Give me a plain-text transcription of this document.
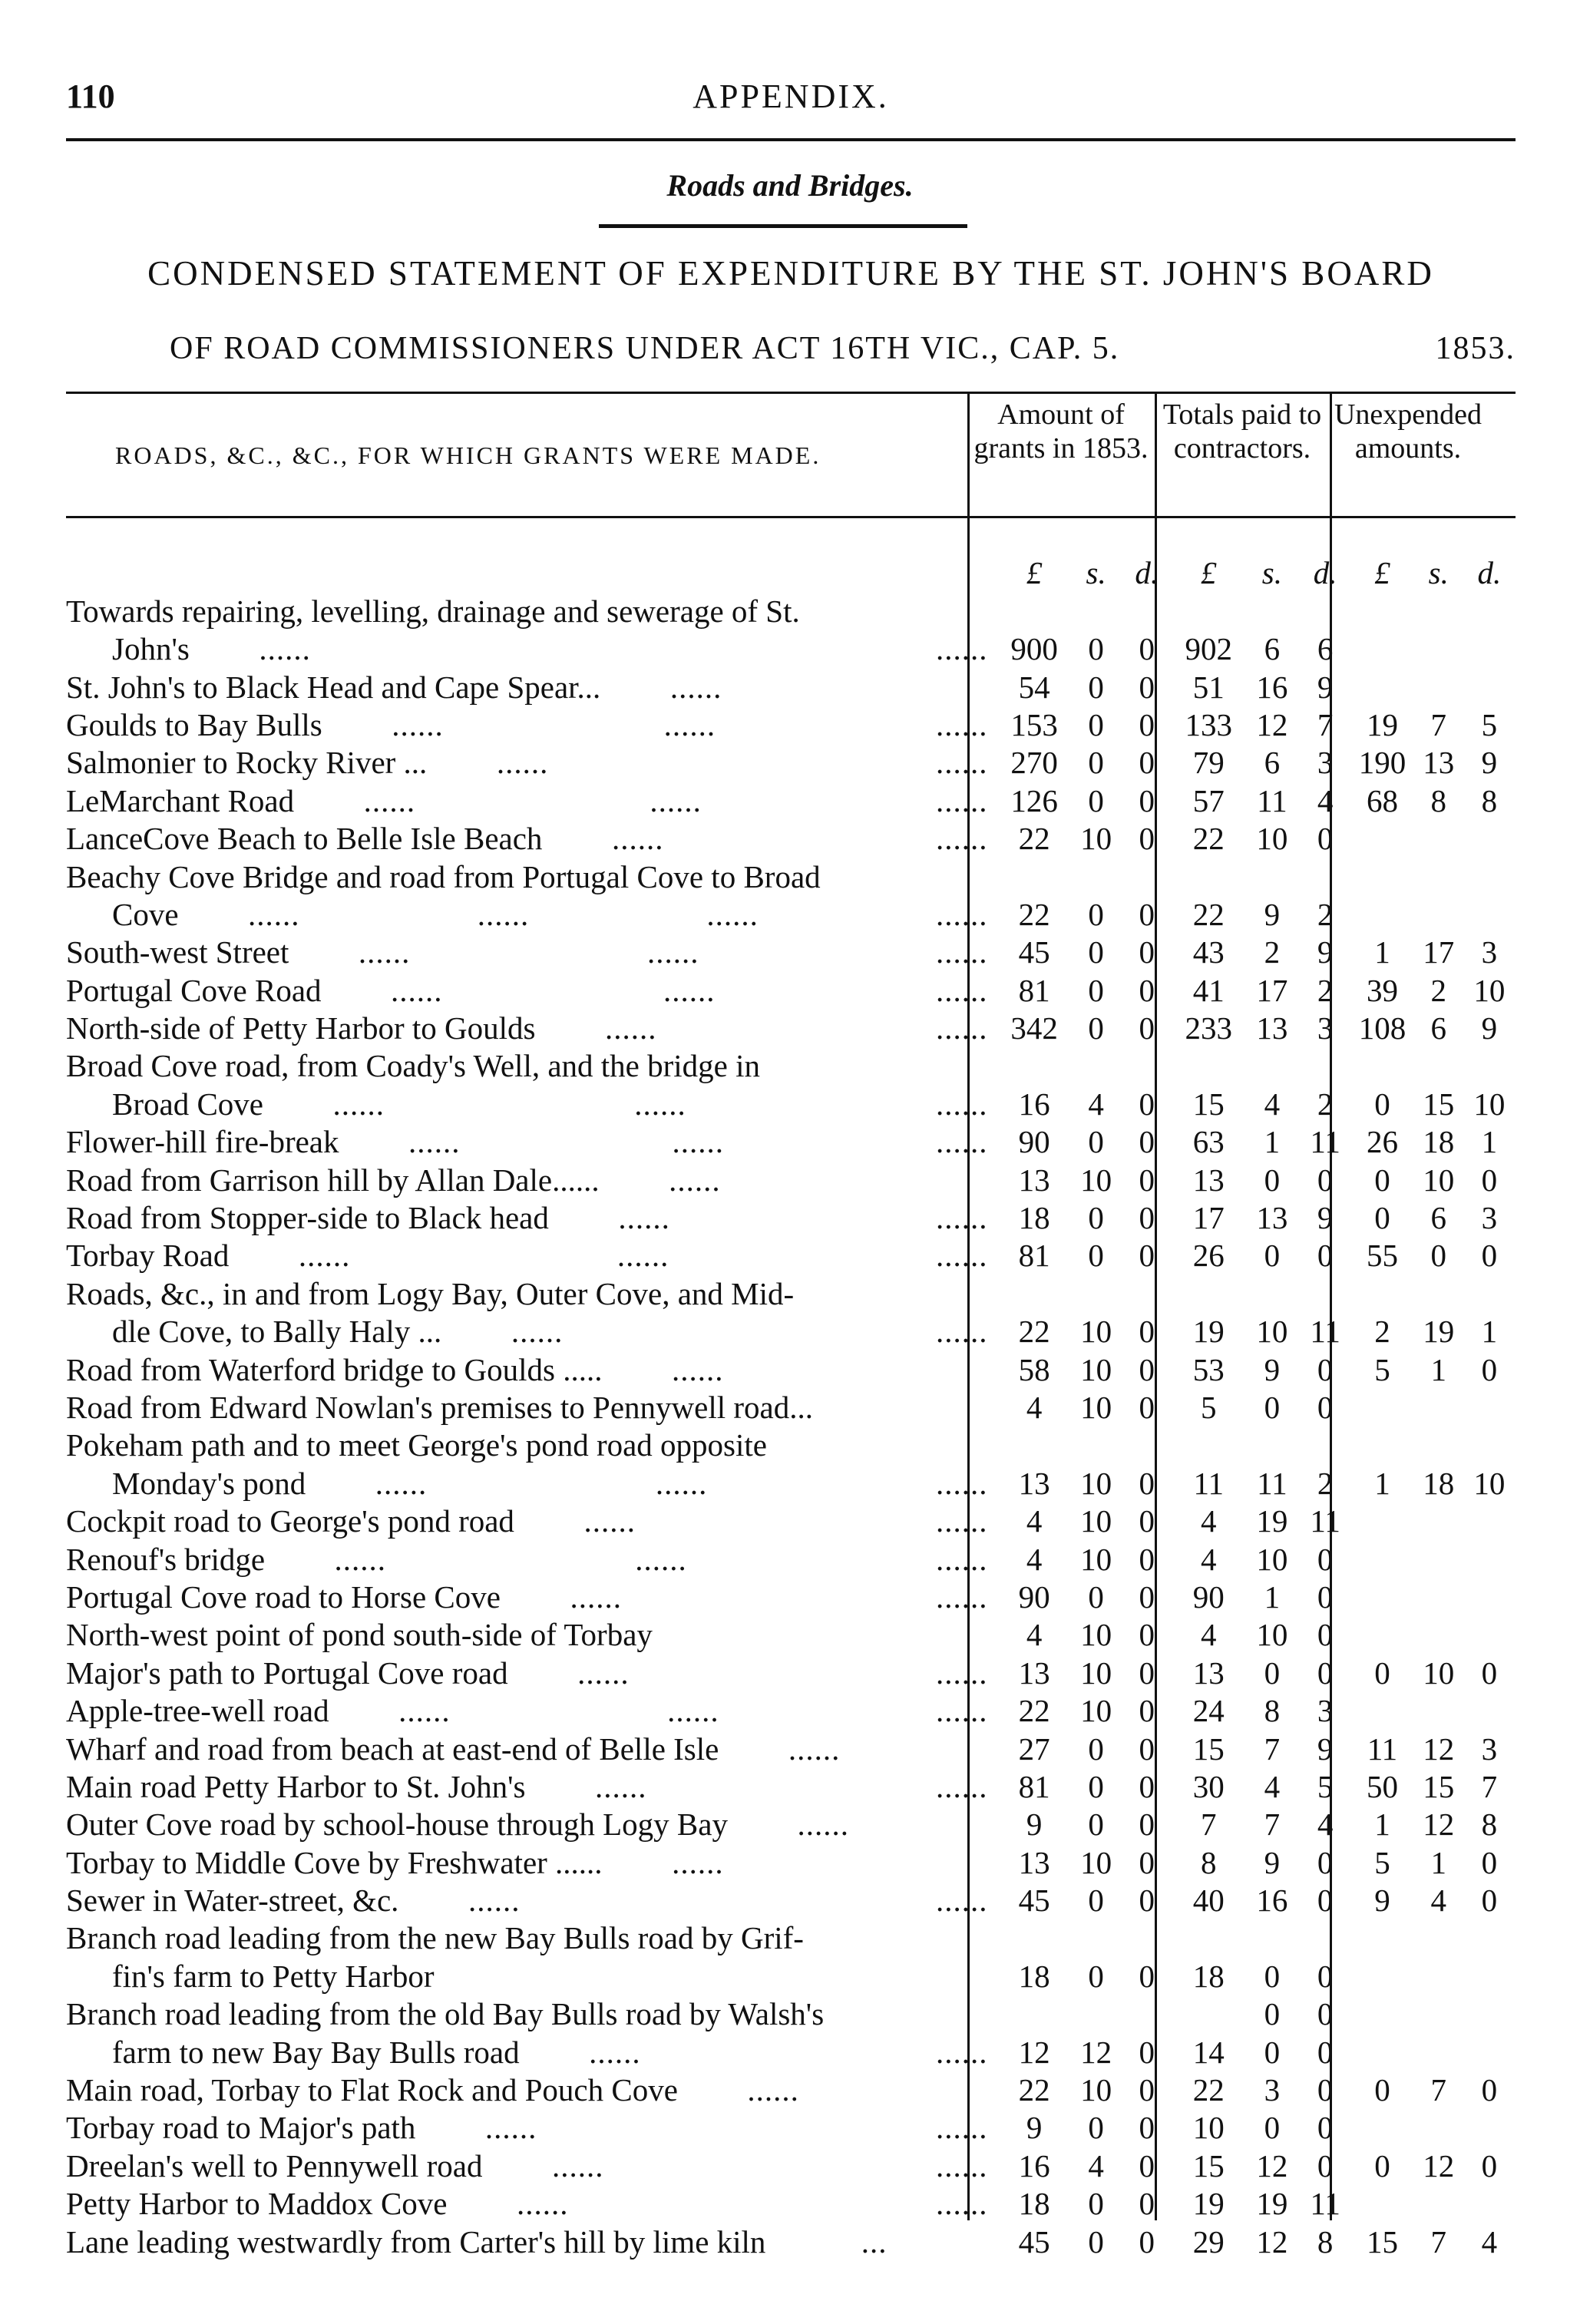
110	APPENDIX.
Roads and Bridges.
CONDENSED STATEMENT OF EXPENDITURE BY THE ST. JOHN'S BOARD
OF ROAD COMMISSIONERS UNDER ACT 16TH VIC., CAP. 5.	1853.
ROADS, &C., &C., FOR WHICH GRANTS WERE MADE.
Amount of grants in 1853.
Totals paid to contractors.
Unexpended amounts.
	£	s.	d.	£	s.	d.	£	s.	d.

Towards repairing, levelling, drainage and sewerage of St.									

John's ...... ......	900	0	0	902	6	6			

St. John's to Black Head and Cape Spear... ......	54	0	0	51	16	9			

Goulds to Bay Bulls ...... ...... ......	153	0	0	133	12	7	19	7	5

Salmonier to Rocky River ... ...... ......	270	0	0	79	6	3	190	13	9

LeMarchant Road ...... ...... ......	126	0	0	57	11	4	68	8	8

LanceCove Beach to Belle Isle Beach ...... ......	22	10	0	22	10	0			

Beachy Cove Bridge and road from Portugal Cove to Broad									

Cove ...... ...... ...... ......	22	0	0	22	9	2			

South-west Street ...... ...... ......	45	0	0	43	2	9	1	17	3

Portugal Cove Road ...... ...... ......	81	0	0	41	17	2	39	2	10

North-side of Petty Harbor to Goulds ...... ......	342	0	0	233	13	3	108	6	9

Broad Cove road, from Coady's Well, and the bridge in									

Broad Cove ...... ...... ......	16	4	0	15	4	2	0	15	10

Flower-hill fire-break ...... ...... ......	90	0	0	63	1	11	26	18	1

Road from Garrison hill by Allan Dale...... ......	13	10	0	13	0	0	0	10	0

Road from Stopper-side to Black head ...... ......	18	0	0	17	13	9	0	6	3

Torbay Road ...... ...... ......	81	0	0	26	0	0	55	0	0

Roads, &c., in and from Logy Bay, Outer Cove, and Mid-									

dle Cove, to Bally Haly ... ...... ......	22	10	0	19	10	11	2	19	1

Road from Waterford bridge to Goulds ..... ......	58	10	0	53	9	0	5	1	0

Road from Edward Nowlan's premises to Pennywell road...	4	10	0	5	0	0			

Pokeham path and to meet George's pond road opposite									

Monday's pond ...... ...... ......	13	10	0	11	11	2	1	18	10

Cockpit road to George's pond road ...... ......	4	10	0	4	19	11			

Renouf's bridge ...... ...... ......	4	10	0	4	10	0			

Portugal Cove road to Horse Cove ...... ......	90	0	0	90	1	0			

North-west point of pond south-side of Torbay	4	10	0	4	10	0			

Major's path to Portugal Cove road ...... ......	13	10	0	13	0	0	0	10	0

Apple-tree-well road ...... ...... ......	22	10	0	24	8	3			

Wharf and road from beach at east-end of Belle Isle ......	27	0	0	15	7	9	11	12	3

Main road Petty Harbor to St. John's ...... ......	81	0	0	30	4	5	50	15	7

Outer Cove road by school-house through Logy Bay ......	9	0	0	7	7	4	1	12	8

Torbay to Middle Cove by Freshwater ...... ......	13	10	0	8	9	0	5	1	0

Sewer in Water-street, &c. ...... ......	45	0	0	40	16	0	9	4	0

Branch road leading from the new Bay Bulls road by Grif-									

fin's farm to Petty Harbor	18	0	0	18	0	0			

Branch road leading from the old Bay Bulls road by Walsh's					0	0			

farm to new Bay Bay Bulls road ...... ......	12	12	0	14	0	0			

Main road, Torbay to Flat Rock and Pouch Cove ......	22	10	0	22	3	0	0	7	0

Torbay road to Major's path ...... ......	9	0	0	10	0	0			

Dreelan's well to Pennywell road ...... ......	16	4	0	15	12	0	0	12	0

Petty Harbor to Maddox Cove ...... ......	18	0	0	19	19	11			

Lane leading westwardly from Carter's hill by lime kiln ...	45	0	0	29	12	8	15	7	4
